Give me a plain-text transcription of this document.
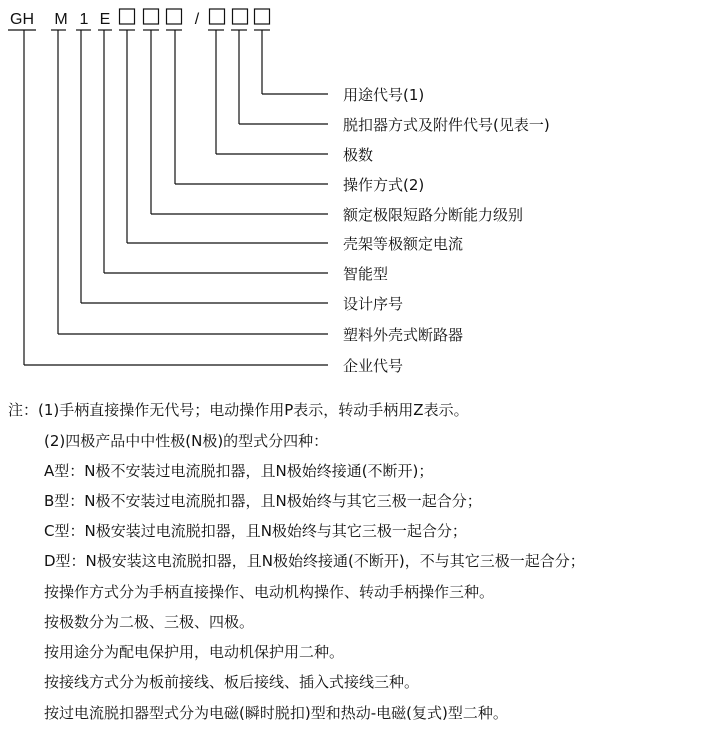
GH M 1 E	/
用途代号(1)
脱扣器方式及附件代号(见表一)
极数
操作方式(2)
额定极限短路分断能力级别
壳架等极额定电流
智能型
设计序号
塑料外壳式断路器
企业代号
注：(1)手柄直接操作无代号；电动操作用P表示，转动手柄用Z表示。
(2)四极产品中中性极(N极)的型式分四种：
A型：N极不安装过电流脱扣器，且N极始终接通(不断开)；
B型：N极不安装过电流脱扣器，且N极始终与其它三极一起合分；
C型：N极安装过电流脱扣器，且N极始终与其它三极一起合分；
D型：N极安装这电流脱扣器，且N极始终接通(不断开)，不与其它三极一起合分；
按操作方式分为手柄直接操作、电动机构操作、转动手柄操作三种。
按极数分为二极、三极、四极。
按用途分为配电保护用，电动机保护用二种。
按接线方式分为板前接线、板后接线、插入式接线三种。
按过电流脱扣器型式分为电磁(瞬时脱扣)型和热动-电磁(复式)型二种。
